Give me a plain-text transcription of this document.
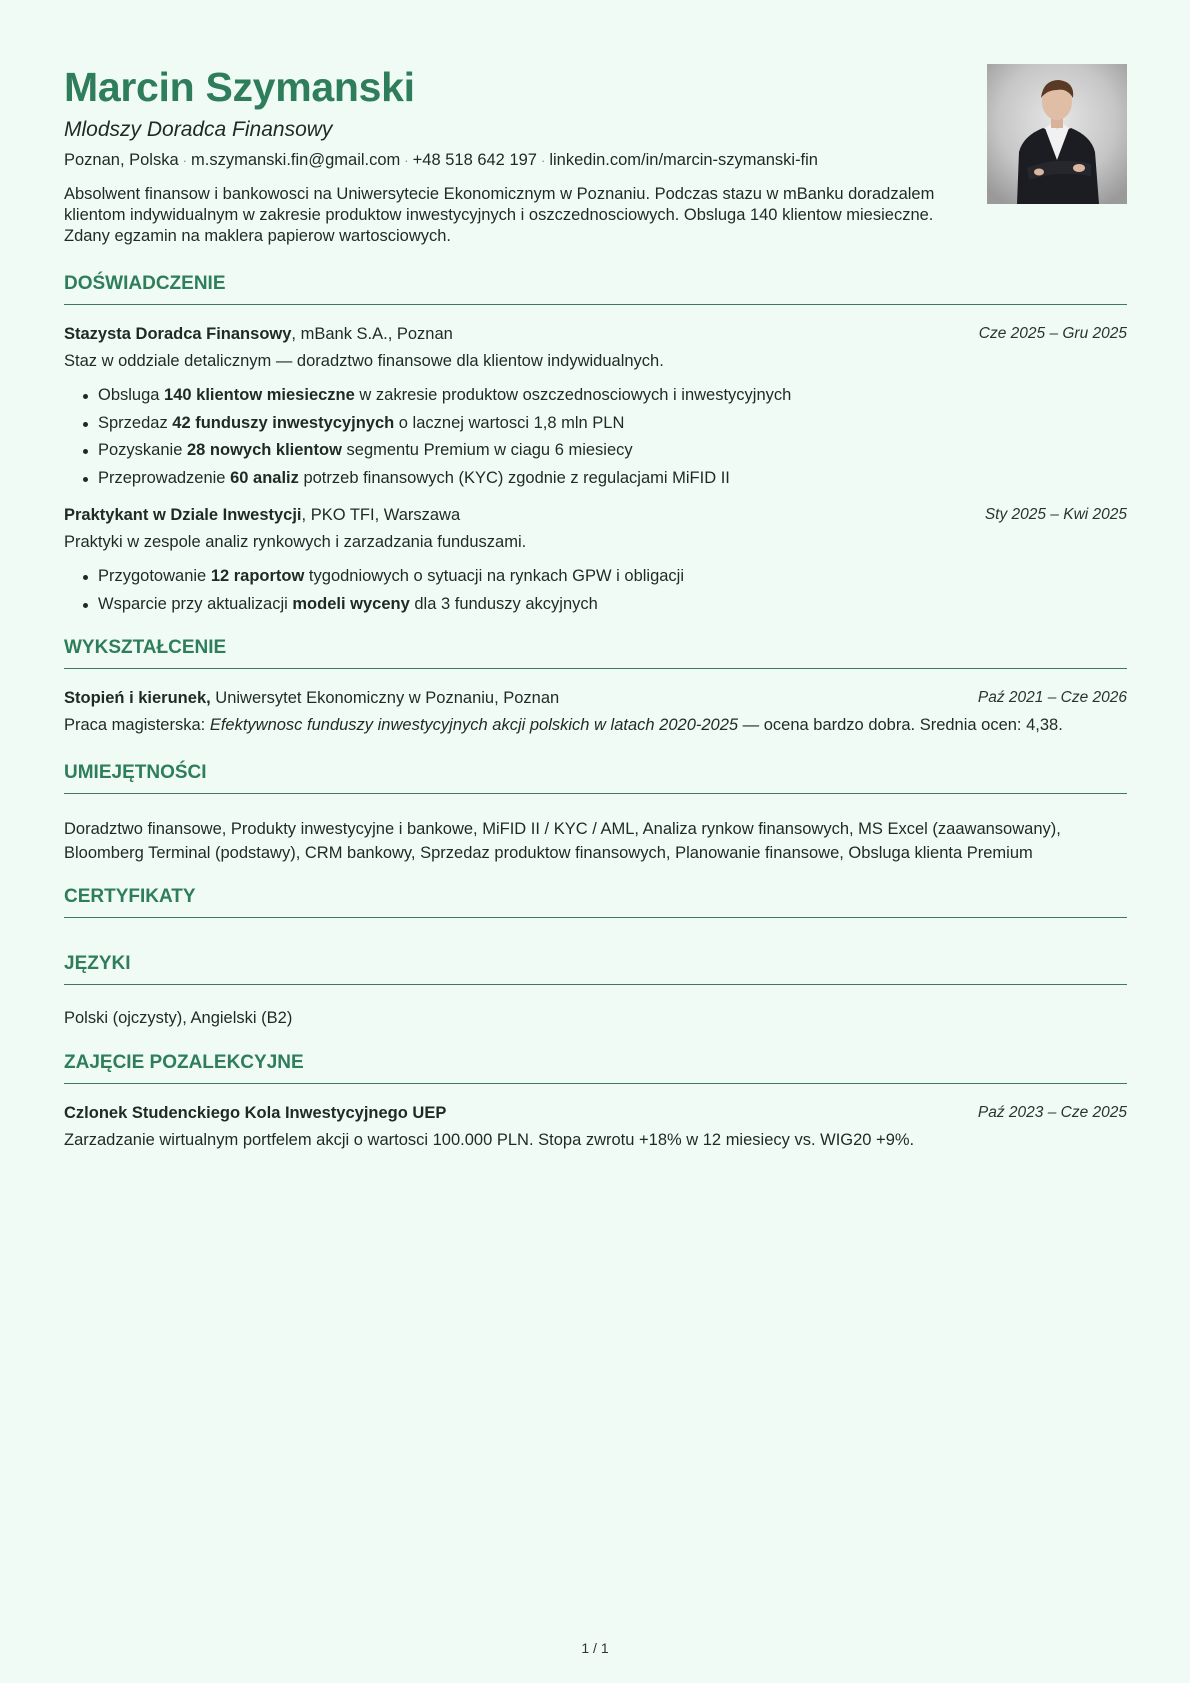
Marcin Szymanski
Mlodszy Doradca Finansowy
Poznan, Polska · m.szymanski.fin@gmail.com · +48 518 642 197 · linkedin.com/in/marcin-szymanski-fin
Absolwent finansow i bankowosci na Uniwersytecie Ekonomicznym w Poznaniu. Podczas stazu w mBanku doradzalem klientom indywidualnym w zakresie produktow inwestycyjnych i oszczednosciowych. Obsluga 140 klientow miesieczne. Zdany egzamin na maklera papierow wartosciowych.
DOŚWIADCZENIE
Stazysta Doradca Finansowy, mBank S.A., Poznan	Cze 2025 – Gru 2025
Staz w oddziale detalicznym — doradztwo finansowe dla klientow indywidualnych.
Obsluga 140 klientow miesieczne w zakresie produktow oszczednosciowych i inwestycyjnych
Sprzedaz 42 funduszy inwestycyjnych o lacznej wartosci 1,8 mln PLN
Pozyskanie 28 nowych klientow segmentu Premium w ciagu 6 miesiecy
Przeprowadzenie 60 analiz potrzeb finansowych (KYC) zgodnie z regulacjami MiFID II
Praktykant w Dziale Inwestycji, PKO TFI, Warszawa	Sty 2025 – Kwi 2025
Praktyki w zespole analiz rynkowych i zarzadzania funduszami.
Przygotowanie 12 raportow tygodniowych o sytuacji na rynkach GPW i obligacji
Wsparcie przy aktualizacji modeli wyceny dla 3 funduszy akcyjnych
WYKSZTAŁCENIE
Stopień i kierunek, Uniwersytet Ekonomiczny w Poznaniu, Poznan	Paź 2021 – Cze 2026
Praca magisterska: Efektywnosc funduszy inwestycyjnych akcji polskich w latach 2020-2025 — ocena bardzo dobra. Srednia ocen: 4,38.
UMIEJĘTNOŚCI
Doradztwo finansowe, Produkty inwestycyjne i bankowe, MiFID II / KYC / AML, Analiza rynkow finansowych, MS Excel (zaawansowany), Bloomberg Terminal (podstawy), CRM bankowy, Sprzedaz produktow finansowych, Planowanie finansowe, Obsluga klienta Premium
CERTYFIKATY
JĘZYKI
Polski (ojczysty), Angielski (B2)
ZAJĘCIE POZALEKCYJNE
Czlonek Studenckiego Kola Inwestycyjnego UEP	Paź 2023 – Cze 2025
Zarzadzanie wirtualnym portfelem akcji o wartosci 100.000 PLN. Stopa zwrotu +18% w 12 miesiecy vs. WIG20 +9%.
1 / 1
